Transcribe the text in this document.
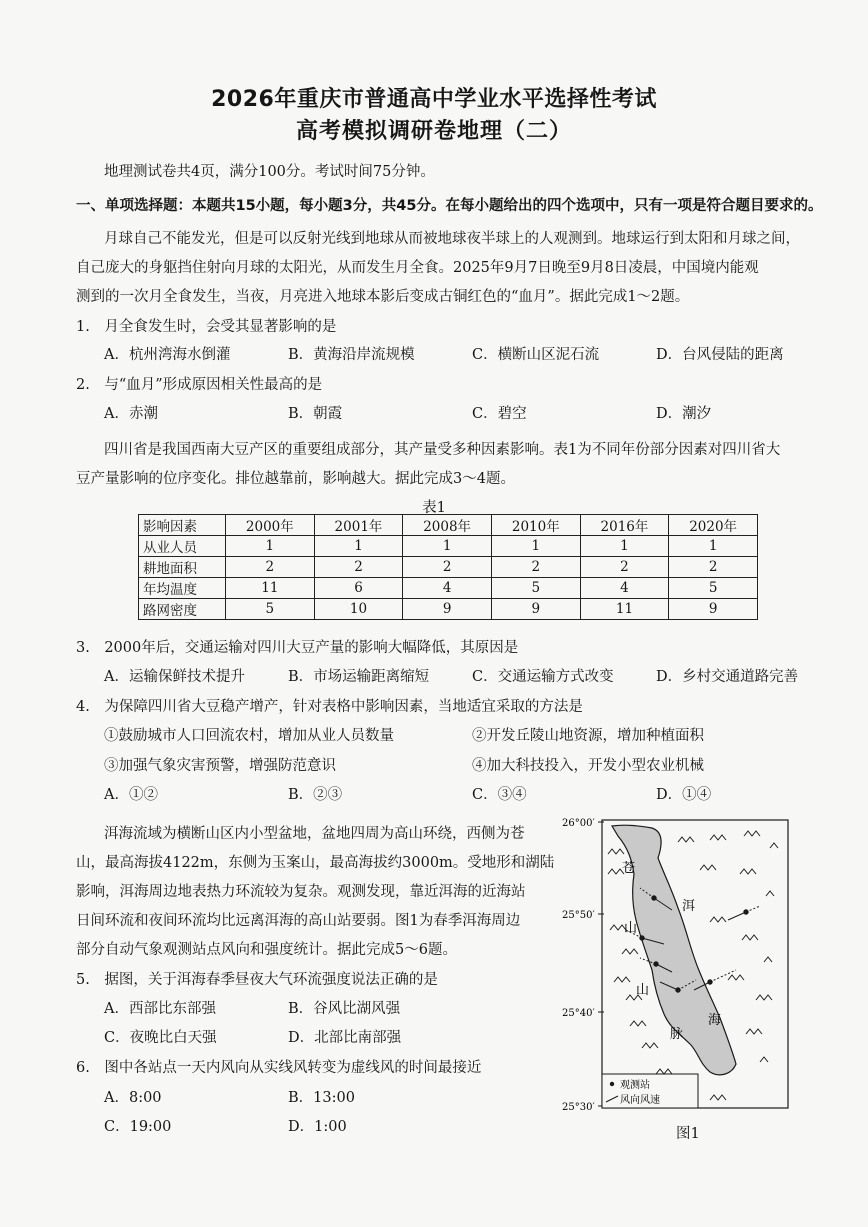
2026年重庆市普通高中学业水平选择性考试
高考模拟调研卷地理（二）
地理测试卷共4页，满分100分。考试时间75分钟。
一、单项选择题：本题共15小题，每小题3分，共45分。在每小题给出的四个选项中，只有一项是符合题目要求的。
月球自己不能发光，但是可以反射光线到地球从而被地球夜半球上的人观测到。地球运行到太阳和月球之间，
自己庞大的身躯挡住射向月球的太阳光，从而发生月全食。2025年9月7日晚至9月8日凌晨，中国境内能观
测到的一次月全食发生，当夜，月亮进入地球本影后变成古铜红色的“血月”。据此完成1～2题。
1.　月全食发生时，会受其显著影响的是
A．杭州湾海水倒灌	B．黄海沿岸流规模	C．横断山区泥石流	D．台风侵陆的距离
2.　与“血月”形成原因相关性最高的是
A．赤潮	B．朝霞	C．碧空	D．潮汐
四川省是我国西南大豆产区的重要组成部分，其产量受多种因素影响。表1为不同年份部分因素对四川省大
豆产量影响的位序变化。排位越靠前，影响越大。据此完成3～4题。
表1
影响因素	2000年	2001年	2008年	2010年	2016年	2020年
从业人员	1	1	1	1	1	1
耕地面积	2	2	2	2	2	2
年均温度	11	6	4	5	4	5
路网密度	5	10	9	9	11	9
3.　2000年后，交通运输对四川大豆产量的影响大幅降低，其原因是
A．运输保鲜技术提升	B．市场运输距离缩短	C．交通运输方式改变	D．乡村交通道路完善
4.　为保障四川省大豆稳产增产，针对表格中影响因素，当地适宜采取的方法是
①鼓励城市人口回流农村，增加从业人员数量	②开发丘陵山地资源，增加种植面积
③加强气象灾害预警，增强防范意识	④加大科技投入，开发小型农业机械
A．①②	B．②③	C．③④	D．①④
洱海流域为横断山区内小型盆地，盆地四周为高山环绕，西侧为苍
山，最高海拔4122m，东侧为玉案山，最高海拔约3000m。受地形和湖陆
影响，洱海周边地表热力环流较为复杂。观测发现，靠近洱海的近海站
日间环流和夜间环流均比远离洱海的高山站要弱。图1为春季洱海周边
部分自动气象观测站点风向和强度统计。据此完成5～6题。
5.　据图，关于洱海春季昼夜大气环流强度说法正确的是
A．西部比东部强	B．谷风比湖风强
C．夜晚比白天强	D．北部比南部强
6.　图中各站点一天内风向从实线风转变为虚线风的时间最接近
A．8:00	B．13:00
C．19:00	D．1:00
26°00′
25°50′
25°40′
25°30′
苍
山
山
脉
洱
海
观测站
风向风速
图1
